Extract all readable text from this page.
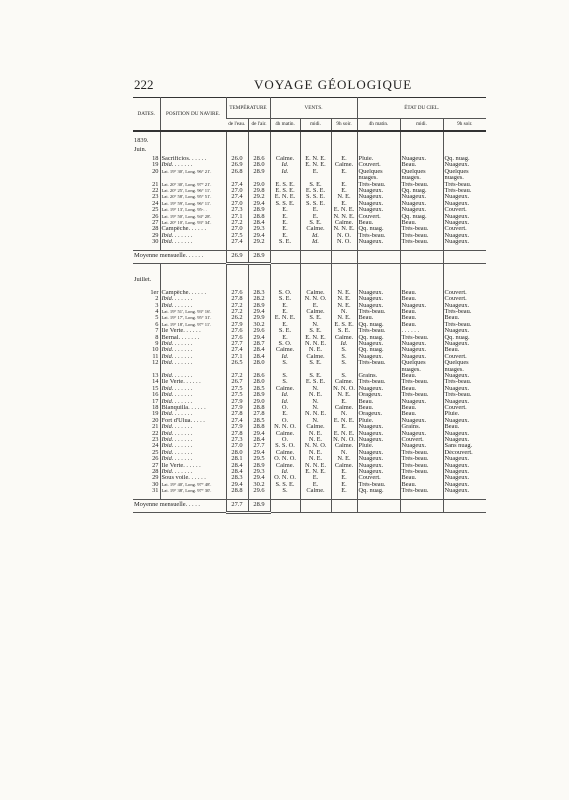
222	VOYAGE GÉOLOGIQUE
DATES.	POSITION DU NAVIRE.	TEMPÉRATURE		VENTS.			ÉTAT DU CIEL.		
		de l'eau.	de l'air.	4h matin.	midi.	9h soir.	4h matin.	midi.	9h soir.

1839.									
Juin.									
18	Sacrificios. . . . . .	26.0	28.6	Calme.	E. N. E.	E.	Pluie.	Nuageux.	Qq. nuag.
19	Ibid. . . . . . .	26.9	28.0	Id.	E. N. E.	Calme.	Couvert.	Beau.	Nuageux.
20	Lat. 19° 30', Long. 96° 21'.	26.8	28.9	Id.	E.	E.	Quelques	Quelques	Quelques
							nuages.	nuages.	nuages.
21	Lat. 20° 30', Long. 97° 21'.	27.4	29.0	E. S. E.	S. E.	E.	Très-beau.	Très-beau.	Très-beau.
22	Lat. 20° 25', Long. 96° 11'.	27.0	29.8	E. S. E.	E. S. E.	E.	Nuageux.	Qq. nuag.	Très-beau.
23	Lat. 20° 58', Long. 95° 51'.	27.4	29.2	E. N. E.	S. S. E.	N. E.	Nuageux.	Nuageux.	Nuageux.
24	Lat. 19° 59', Long. 96° 11'.	27.0	29.4	S. S. E.	S. S. E.	E.	Nuageux.	Nuageux.	Nuageux.
25	Lat. 19° 13', Long. 95-. .	27.3	28.9	E.	E.	E. N. E.	Nuageux.	Nuageux.	Couvert.
26	Lat. 19° 50', Long. 94° 28'.	27.1	28.8	E.	E.	N. N. E.	Couvert.	Qq. nuag.	Nuageux.
27	Lat. 20° 10', Long. 93° 34'.	27.2	28.4	E.	S. E.	Calme.	Beau.	Beau.	Nuageux.
28	Campêche. . . . . .	27.0	29.3	E.	Calme.	N. N. E.	Qq. nuag.	Très-beau.	Couvert.
29	Ibid. . . . . . .	27.5	29.4	E.	Id.	N. O.	Très-beau.	Très-beau.	Nuageux.
30	Ibid. . . . . . .	27.4	29.2	S. E.	Id.	N. O.	Nuageux.	Très-beau.	Nuageux.

Moyenne mensuelle. . . . . .		26.9	28.9						

Juillet.									

1er	Campêche. . . . . .	27.6	28.3	S. O.	Calme.	N. E.	Nuageux.	Beau.	Couvert.
2	Ibid. . . . . . .	27.8	28.2	S. E.	N. N. O.	N. E.	Nuageux.	Beau.	Couvert.
3	Ibid. . . . . . .	27.2	28.9	E.	E.	N. E.	Nuageux.	Nuageux.	Nuageux.
4	Lat. 19° 51', Long. 93° 16'.	27.2	29.4	E.	Calme.	N.	Très-beau.	Beau.	Très-beau.
5	Lat. 19° 17', Long. 95° 31'.	26.2	29.9	E. N. E.	S. E.	N. E.	Beau.	Beau.	Beau.
6	Lat. 19° 18', Long. 97° 11'.	27.9	30.2	E.	N.	E. S. E.	Qq. nuag.	Beau.	Très-beau.
7	Ile Verte. . . . . .	27.6	29.6	S. E.	S. E.	S. E.	Très-beau.	. . . . . .	Nuageux.
8	Bernal. . . . . . .	27.6	29.4	E.	E. N. E.	Calme.	Qq. nuag.	Très-beau.	Qq. nuag.
9	Ibid. . . . . . .	27.7	28.7	S. O.	N. N. E.	Id.	Nuageux.	Nuageux.	Nuageux.
10	Ibid. . . . . . .	27.4	28.4	Calme.	N. E.	S.	Qq. nuag.	Nuageux.	Beau.
11	Ibid. . . . . . .	27.1	28.4	Id.	Calme.	S.	Nuageux.	Nuageux.	Couvert.
12	Ibid. . . . . . .	26.5	28.0	S.	S. E.	S.	Très-beau.	Quelques	Quelques
								nuages.	nuages.
13	Ibid. . . . . . .	27.2	28.6	S.	S. E.	S.	Grains.	Beau.	Nuageux.
14	Ile Verte. . . . . .	26.7	28.0	S.	E. S. E.	Calme.	Très-beau.	Très-beau.	Très-beau.
15	Ibid. . . . . . .	27.5	28.5	Calme.	N.	N. N. O.	Nuageux.	Beau.	Nuageux.
16	Ibid. . . . . . .	27.5	28.9	Id.	N. E.	N. E.	Orageux.	Très-beau.	Très-beau.
17	Ibid. . . . . . .	27.9	29.0	Id.	N.	E.	Beau.	Nuageux.	Nuageux.
18	Blanquilla. . . . . .	27.9	28.8	O.	N.	Calme.	Beau.	Beau.	Couvert.
19	Ibid. . . . . . .	27.8	27.8	E.	N. N. E.	N.	Orageux.	Beau.	Pluie.
20	Fort d'Ulua. . . . .	27.4	28.5	O.	N.	E. N. E.	Pluie.	Nuageux.	Nuageux.
21	Ibid. . . . . . .	27.9	28.8	N. N. O.	Calme.	E.	Nuageux.	Grains.	Beau.
22	Ibid. . . . . . .	27.8	29.4	Calme.	N. E.	E. N. E.	Nuageux.	Nuageux.	Nuageux.
23	Ibid. . . . . . .	27.3	28.4	O.	N. E.	N. N. O.	Nuageux.	Couvert.	Nuageux.
24	Ibid. . . . . . .	27.0	27.7	S. S. O.	N. N. O.	Calme.	Pluie.	Nuageux.	Sans nuag.
25	Ibid. . . . . . .	28.0	29.4	Calme.	N. E.	N.	Nuageux.	Très-beau.	Découvert.
26	Ibid. . . . . . .	28.1	29.5	O. N. O.	N. E.	N. E.	Nuageux.	Très-beau.	Nuageux.
27	Ile Verte. . . . . .	28.4	28.9	Calme.	N. N. E.	Calme.	Nuageux.	Très-beau.	Nuageux.
28	Ibid. . . . . . .	28.4	29.3	Id.	E. N. E.	E.	Nuageux.	Très-beau.	Nuageux.
29	Sous voile. . . . . .	28.3	29.4	O. N. O.	E.	E.	Couvert.	Beau.	Nuageux.
30	Lat. 19° 40', Long. 97° 48'.	29.4	30.2	S. S. E.	E.	E.	Très-beau.	Beau.	Nuageux.
31	Lat. 19° 38', Long. 97° 30'.	28.8	29.6	S.	Calme.	E.	Qq. nuag.	Très-beau.	Nuageux.

Moyenne mensuelle. . . . .		27.7	28.9						
